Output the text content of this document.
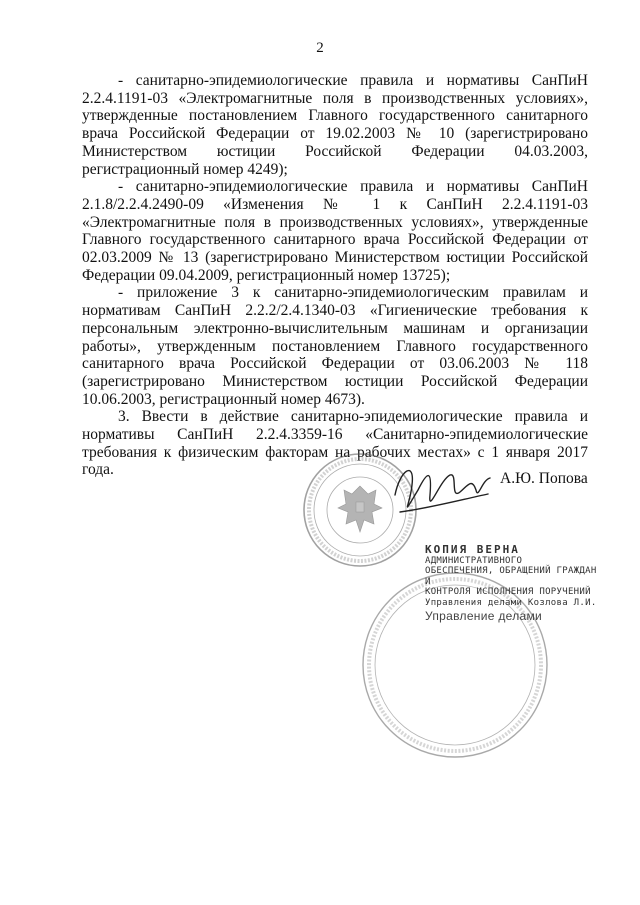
2

- санитарно-эпидемиологические правила и нормативы СанПиН 2.2.4.1191-03 «Электромагнитные поля в производственных условиях», утвержденные постановлением Главного государственного санитарного врача Российской Федерации от 19.02.2003 № 10 (зарегистрировано Министерством юстиции Российской Федерации 04.03.2003, регистрационный номер 4249);

- санитарно-эпидемиологические правила и нормативы СанПиН 2.1.8/2.2.4.2490-09 «Изменения № 1 к СанПиН 2.2.4.1191-03 «Электромагнитные поля в производственных условиях», утвержденные Главного государственного санитарного врача Российской Федерации от 02.03.2009 № 13 (зарегистрировано Министерством юстиции Российской Федерации 09.04.2009, регистрационный номер 13725);

- приложение 3 к санитарно-эпидемиологическим правилам и нормативам СанПиН 2.2.2/2.4.1340-03 «Гигиенические требования к персональным электронно-вычислительным машинам и организации работы», утвержденным постановлением Главного государственного санитарного врача Российской Федерации от 03.06.2003 № 118 (зарегистрировано Министерством юстиции Российской Федерации 10.06.2003, регистрационный номер 4673).

3. Ввести в действие санитарно-эпидемиологические правила и нормативы СанПиН 2.2.4.3359-16 «Санитарно-эпидемиологические требования к физическим факторам на рабочих местах» с 1 января 2017 года.

А.Ю. Попова
КОПИЯ ВЕРНА
АДМИНИСТРАТИВНОГО
ОБЕСПЕЧЕНИЯ, ОБРАЩЕНИЙ ГРАЖДАН И
КОНТРОЛЯ ИСПОЛНЕНИЯ ПОРУЧЕНИЙ
Управления делами Козлова Л.И.
Управление делами
